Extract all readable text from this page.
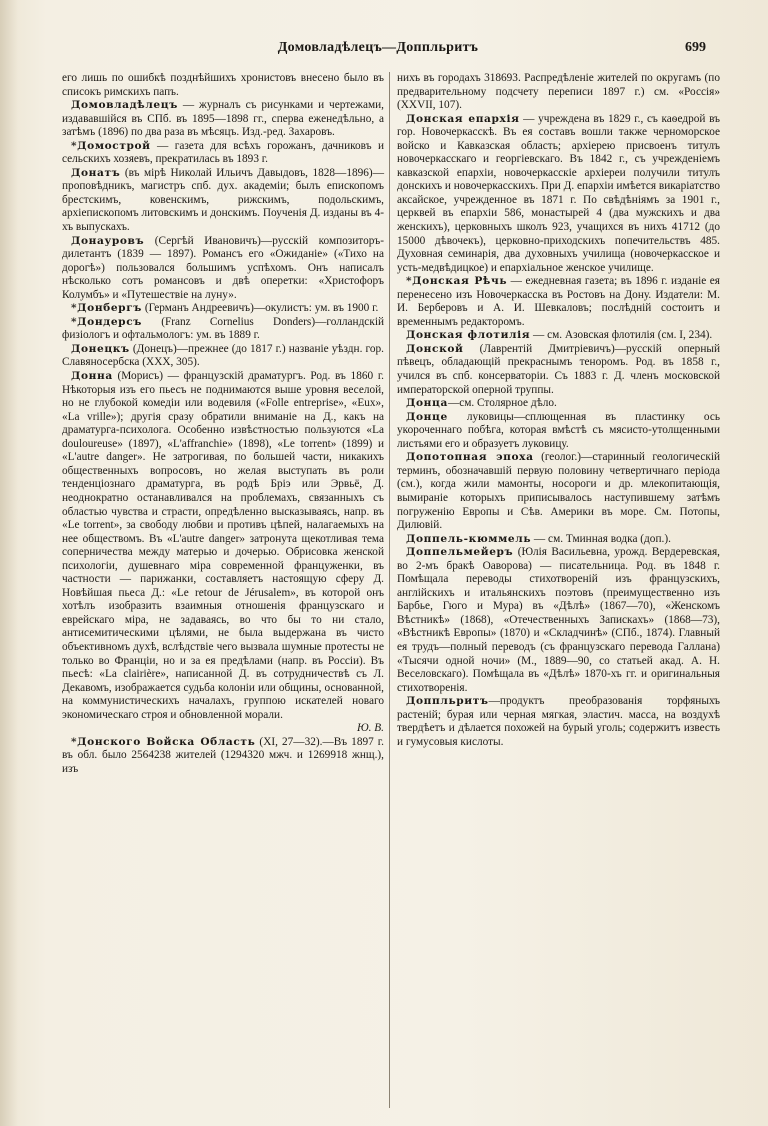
Домовладѣлецъ—Доппльритъ	699

его лишь по ошибкѣ позднѣйшихъ хронистовъ внесено было въ списокъ римскихъ папъ.

Домовладѣлецъ — журналъ съ рисунками и чертежами, издававшійся въ СПб. въ 1895—1898 гг., сперва еженедѣльно, а затѣмъ (1896) по два раза въ мѣсяцъ. Изд.-ред. Захаровъ.

*Домострой — газета для всѣхъ горожанъ, дачниковъ и сельскихъ хозяевъ, прекратилась въ 1893 г.

Донатъ (въ мірѣ Николай Ильичъ Давыдовъ, 1828—1896)—проповѣдникъ, магистръ спб. дух. академіи; былъ епископомъ брестскимъ, ковенскимъ, рижскимъ, подольскимъ, архіепископомъ литовскимъ и донскимъ. Поученія Д. изданы въ 4-хъ выпускахъ.

Донауровъ (Сергѣй Ивановичъ)—русскій композиторъ-дилетантъ (1839 — 1897). Романсъ его «Ожиданіе» («Тихо на дорогѣ») пользовался большимъ успѣхомъ. Онъ написалъ нѣсколько сотъ романсовъ и двѣ оперетки: «Христофоръ Колумбъ» и «Путешествіе на луну».

*Донбергъ (Германъ Андреевичъ)—окулистъ: ум. въ 1900 г.

*Дондерсъ (Franz Cornelius Donders)—голландскій физіологъ и офтальмологъ: ум. въ 1889 г.

Донецкъ (Донецъ)—прежнее (до 1817 г.) названіе уѣздн. гор. Славяносербска (XXX, 305).

Донна (Морисъ) — французскій драматургъ. Род. въ 1860 г. Нѣкоторыя изъ его пьесъ не поднимаются выше уровня веселой, но не глубокой комедіи или водевиля («Folle entreprise», «Eux», «La vrille»); другія сразу обратили вниманіе на Д., какъ на драматурга-психолога. Особенно извѣстностью пользуются «La douloureuse» (1897), «L'affranchie» (1898), «Le torrent» (1899) и «L'autre danger». Не затрогивая, по большей части, никакихъ общественныхъ вопросовъ, но желая выступать въ роли тенденціознаго драматурга, въ родѣ Бріэ или Эрвьё, Д. неоднократно останавливался на проблемахъ, связанныхъ съ областью чувства и страсти, опредѣленно высказываясь, напр. въ «Le torrent», за свободу любви и противъ цѣпей, налагаемыхъ на нее обществомъ. Въ «L'autre danger» затронута щекотливая тема соперничества между матерью и дочерью. Обрисовка женской психологіи, душевнаго міра современной француженки, въ частности — парижанки, составляетъ настоящую сферу Д. Новѣйшая пьеса Д.: «Le retour de Jérusalem», въ которой онъ хотѣлъ изобразить взаимныя отношенія французскаго и еврейскаго міра, не задаваясь, во что бы то ни стало, антисемитическими цѣлями, не была выдержана въ чисто объективномъ духѣ, вслѣдствіе чего вызвала шумные протесты не только во Франціи, но и за ея предѣлами (напр. въ Россіи). Въ пьесѣ: «La clairière», написанной Д. въ сотрудничествѣ съ Л. Декавомъ, изображается судьба колоніи или общины, основанной, на коммунистическихъ началахъ, группою искателей новаго экономическаго строя и обновленной морали.
Ю. В.

*Донского Войска Область (XI, 27—32).—Въ 1897 г. въ обл. было 2564238 жителей (1294320 мжч. и 1269918 жнщ.), изъ

нихъ въ городахъ 318693. Распредѣленіе жителей по округамъ (по предварительному подсчету переписи 1897 г.) см. «Россія» (XXVII, 107).

Донская епархія — учреждена въ 1829 г., съ каѳедрой въ гор. Новочеркасскѣ. Въ ея составъ вошли также черноморское войско и Кавказская область; архіерею присвоенъ титулъ новочеркасскаго и георгіевскаго. Въ 1842 г., съ учрежденіемъ кавказской епархіи, новочеркасскіе архіереи получили титулъ донскихъ и новочеркасскихъ. При Д. епархіи имѣется викаріатство аксайское, учрежденное въ 1871 г. По свѣдѣніямъ за 1901 г., церквей въ епархіи 586, монастырей 4 (два мужскихъ и два женскихъ), церковныхъ школъ 923, учащихся въ нихъ 41712 (до 15000 дѣвочекъ), церковно-приходскихъ попечительствъ 485. Духовная семинарія, два духовныхъ училища (новочеркасское и усть-медвѣдицкое) и епархіальное женское училище.

*Донская Рѣчь — ежедневная газета; въ 1896 г. изданіе ея перенесено изъ Новочеркасска въ Ростовъ на Дону. Издатели: М. И. Берберовъ и А. И. Шевкаловъ; послѣдній состоитъ и временнымъ редакторомъ.

Донская флотилія — см. Азовская флотилія (см. I, 234).

Донской (Лаврентій Дмитріевичъ)—русскій оперный пѣвецъ, обладающій прекраснымъ теноромъ. Род. въ 1858 г., учился въ спб. консерваторіи. Съ 1883 г. Д. членъ московской императорской оперной труппы.

Донца—см. Столярное дѣло.

Донце луковицы—сплющенная въ пластинку ось укороченнаго побѣга, которая вмѣстѣ съ мясисто-утолщенными листьями его и образуетъ луковицу.

Допотопная эпоха (геолог.)—старинный геологическій терминъ, обозначавшій первую половину четвертичнаго періода (см.), когда жили мамонты, носороги и др. млекопитающія, вымираніе которыхъ приписывалось наступившему затѣмъ погруженію Европы и Сѣв. Америки въ море. См. Потопы, Дилювій.

Доппель-кюммель — см. Тминная водка (доп.).

Доппельмейеръ (Юлія Васильевна, урожд. Вердеревская, во 2-мъ бракѣ Оаворова) — писательница. Род. въ 1848 г. Помѣщала переводы стихотвореній изъ французскихъ, англійскихъ и итальянскихъ поэтовъ (преимущественно изъ Барбье, Гюго и Мура) въ «Дѣлѣ» (1867—70), «Женскомъ Вѣстникѣ» (1868), «Отечественныхъ Запискахъ» (1868—73), «Вѣстникѣ Европы» (1870) и «Складчинѣ» (СПб., 1874). Главный ея трудъ—полный переводъ (съ французскаго перевода Галлана) «Тысячи одной ночи» (М., 1889—90, со статьей акад. А. Н. Веселовскаго). Помѣщала въ «Дѣлѣ» 1870-хъ гг. и оригинальныя стихотворенія.

Доппльритъ—продуктъ преобразованія торфяныхъ растеній; бурая или черная мягкая, эластич. масса, на воздухѣ твердѣетъ и дѣлается похожей на бурый уголь; содержитъ известь и гумусовыя кислоты.
